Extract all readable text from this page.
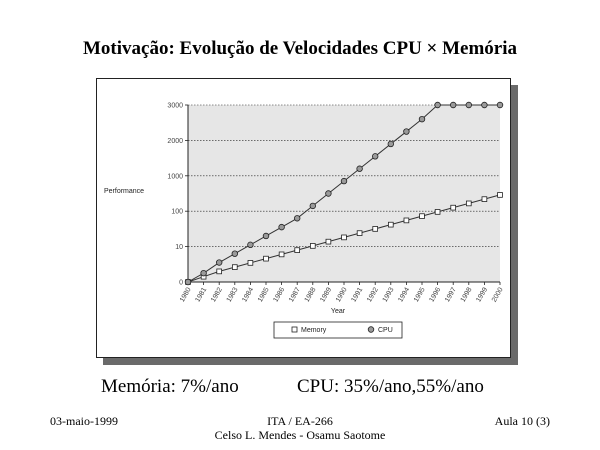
Motivação: Evolução de Velocidades CPU × Memória
0
10
100
1000
2000
3000
1980 1981 1982 1983 1984 1985 1986 1987 1988 1989 1990 1991 1992 1993 1994 1995 1996 1997 1998 1999 2000
Performance
Year
Memory	CPU
Memória: 7%/ano	CPU: 35%/ano,55%/ano
03-maio-1999	ITA / EA-266
Celso L. Mendes - Osamu Saotome
Aula 10 (3)
